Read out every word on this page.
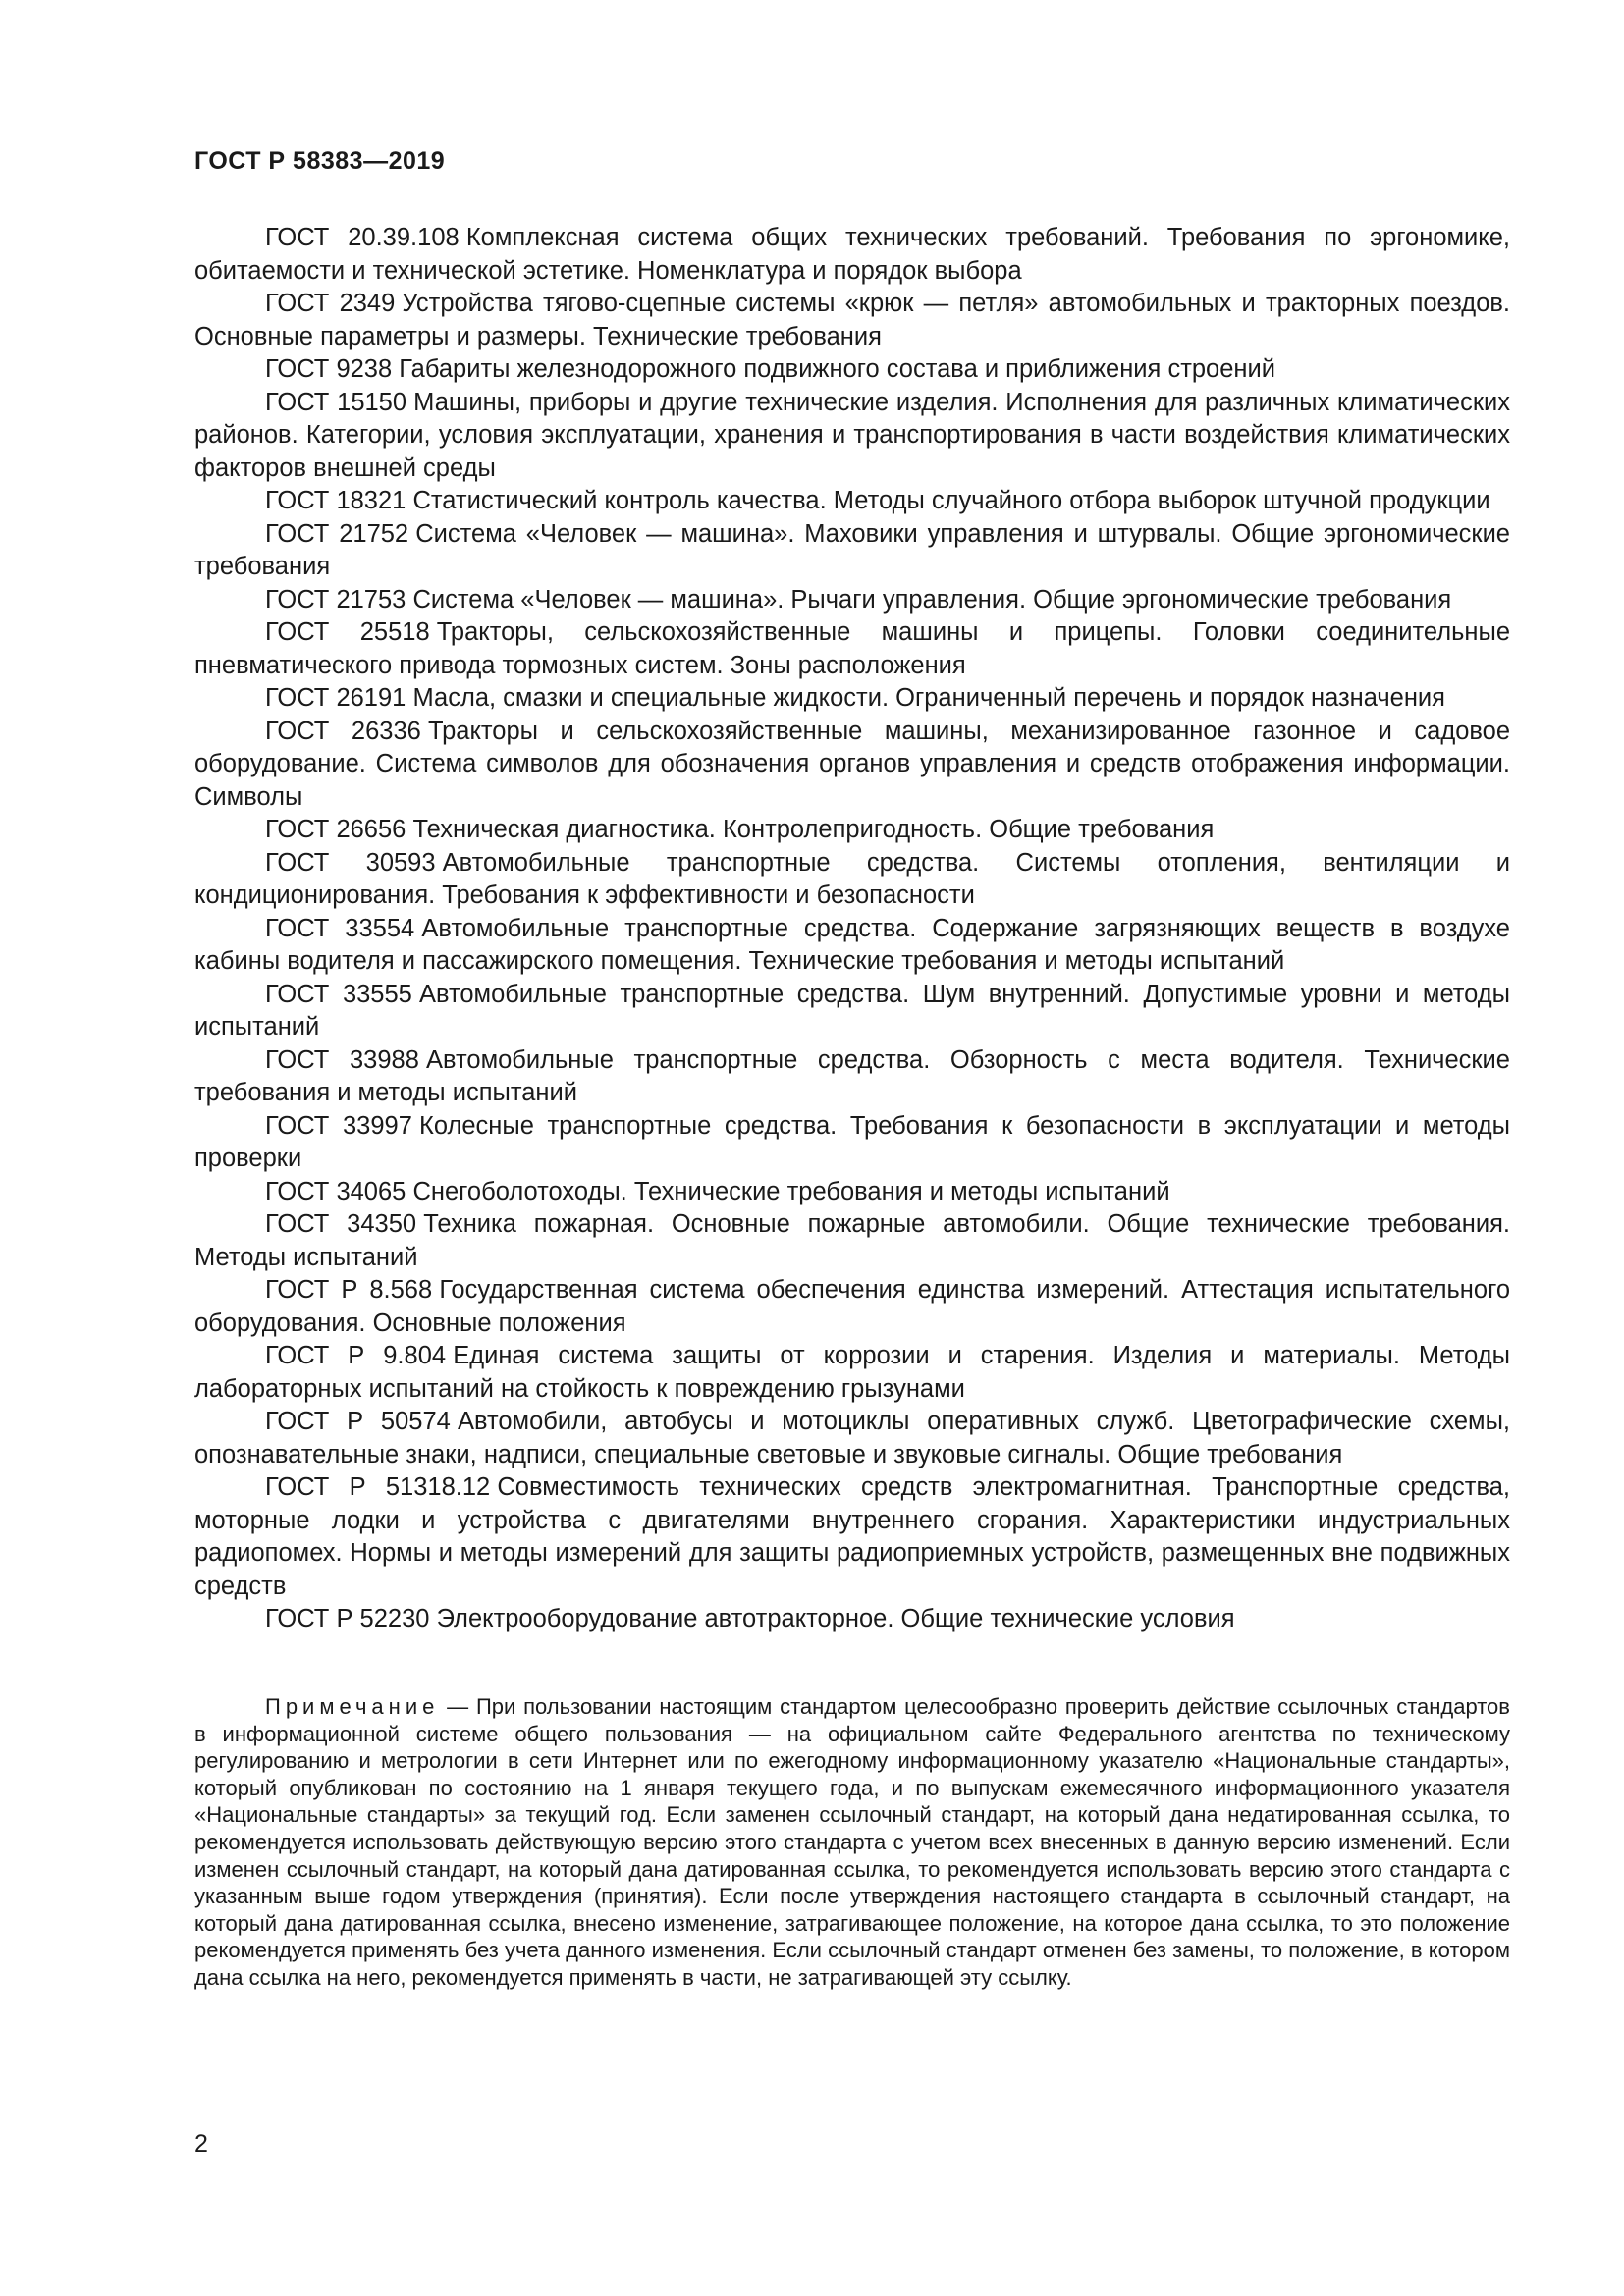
ГОСТ Р 58383—2019
ГОСТ 20.39.108 Комплексная система общих технических требований. Требования по эргономике, обитаемости и технической эстетике. Номенклатура и порядок выбора
ГОСТ 2349 Устройства тягово-сцепные системы «крюк — петля» автомобильных и тракторных поездов. Основные параметры и размеры. Технические требования
ГОСТ 9238 Габариты железнодорожного подвижного состава и приближения строений
ГОСТ 15150 Машины, приборы и другие технические изделия. Исполнения для различных климатических районов. Категории, условия эксплуатации, хранения и транспортирования в части воздействия климатических факторов внешней среды
ГОСТ 18321 Статистический контроль качества. Методы случайного отбора выборок штучной продукции
ГОСТ 21752 Система «Человек — машина». Маховики управления и штурвалы. Общие эргономические требования
ГОСТ 21753 Система «Человек — машина». Рычаги управления. Общие эргономические требования
ГОСТ 25518 Тракторы, сельскохозяйственные машины и прицепы. Головки соединительные пневматического привода тормозных систем. Зоны расположения
ГОСТ 26191 Масла, смазки и специальные жидкости. Ограниченный перечень и порядок назначения
ГОСТ 26336 Тракторы и сельскохозяйственные машины, механизированное газонное и садовое оборудование. Система символов для обозначения органов управления и средств отображения информации. Символы
ГОСТ 26656 Техническая диагностика. Контролепригодность. Общие требования
ГОСТ 30593 Автомобильные транспортные средства. Системы отопления, вентиляции и кондиционирования. Требования к эффективности и безопасности
ГОСТ 33554 Автомобильные транспортные средства. Содержание загрязняющих веществ в воздухе кабины водителя и пассажирского помещения. Технические требования и методы испытаний
ГОСТ 33555 Автомобильные транспортные средства. Шум внутренний. Допустимые уровни и методы испытаний
ГОСТ 33988 Автомобильные транспортные средства. Обзорность с места водителя. Технические требования и методы испытаний
ГОСТ 33997 Колесные транспортные средства. Требования к безопасности в эксплуатации и методы проверки
ГОСТ 34065 Снегоболотоходы. Технические требования и методы испытаний
ГОСТ 34350 Техника пожарная. Основные пожарные автомобили. Общие технические требования. Методы испытаний
ГОСТ Р 8.568 Государственная система обеспечения единства измерений. Аттестация испытательного оборудования. Основные положения
ГОСТ Р 9.804 Единая система защиты от коррозии и старения. Изделия и материалы. Методы лабораторных испытаний на стойкость к повреждению грызунами
ГОСТ Р 50574 Автомобили, автобусы и мотоциклы оперативных служб. Цветографические схемы, опознавательные знаки, надписи, специальные световые и звуковые сигналы. Общие требования
ГОСТ Р 51318.12 Совместимость технических средств электромагнитная. Транспортные средства, моторные лодки и устройства с двигателями внутреннего сгорания. Характеристики индустриальных радиопомех. Нормы и методы измерений для защиты радиоприемных устройств, размещенных вне подвижных средств
ГОСТ Р 52230 Электрооборудование автотракторное. Общие технические условия

Примечание — При пользовании настоящим стандартом целесообразно проверить действие ссылочных стандартов в информационной системе общего пользования — на официальном сайте Федерального агентства по техническому регулированию и метрологии в сети Интернет или по ежегодному информационному указателю «Национальные стандарты», который опубликован по состоянию на 1 января текущего года, и по выпускам ежемесячного информационного указателя «Национальные стандарты» за текущий год. Если заменен ссылочный стандарт, на который дана недатированная ссылка, то рекомендуется использовать действующую версию этого стандарта с учетом всех внесенных в данную версию изменений. Если изменен ссылочный стандарт, на который дана датированная ссылка, то рекомендуется использовать версию этого стандарта с указанным выше годом утверждения (принятия). Если после утверждения настоящего стандарта в ссылочный стандарт, на который дана датированная ссылка, внесено изменение, затрагивающее положение, на которое дана ссылка, то это положение рекомендуется применять без учета данного изменения. Если ссылочный стандарт отменен без замены, то положение, в котором дана ссылка на него, рекомендуется применять в части, не затрагивающей эту ссылку.

2
